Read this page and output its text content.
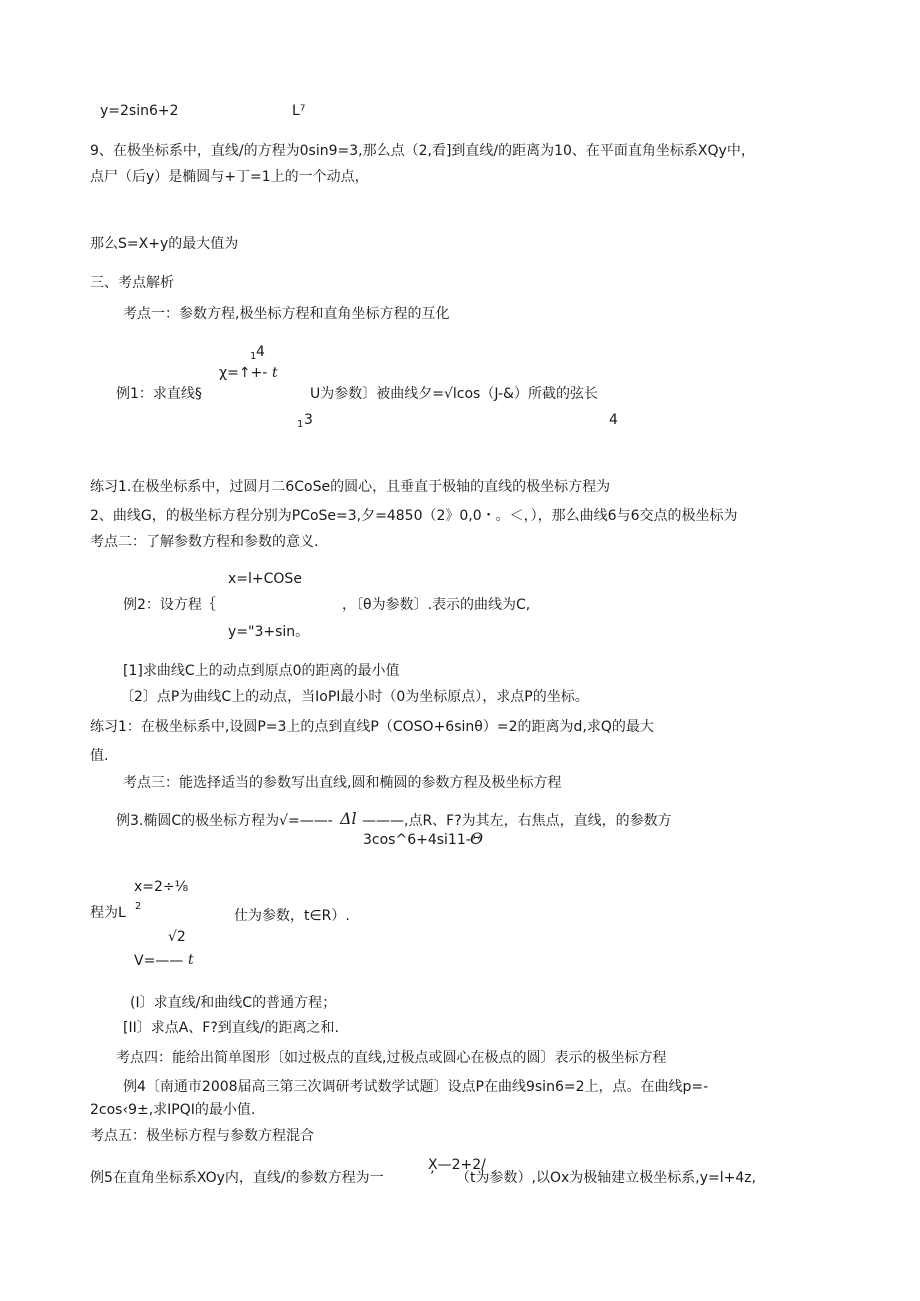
y=2sin6+2	L⁷
9、在极坐标系中，直线/的方程为0sin9=3,那么点（2,看]到直线/的距离为10、在平面直角坐标系XQy中，
点尸（后y）是椭圆与+丁=1上的一个动点，
那么S=X+y的最大值为
三、考点解析
考点一：参数方程,极坐标方程和直角坐标方程的互化
1 4
χ=↑+- t
例1：求直线§	U为参数〕被曲线夕=√lcos（J-&）所截的弦长
1 3	4
练习1.在极坐标系中，过圆月二6CoSe的圆心，且垂直于极轴的直线的极坐标方程为
2、曲线G，的极坐标方程分别为PCoSe=3,夕=4850（2》0,0・。＜，），那么曲线6与6交点的极坐标为
考点二：了解参数方程和参数的意义.
x=l+COSe
例2：设方程｛	，〔θ为参数〕.表示的曲线为C,
y="3+sin。
[1]求曲线C上的动点到原点0的距离的最小值
〔2〕点P为曲线C上的动点，当IoPI最小时（0为坐标原点），求点P的坐标。
练习1：在极坐标系中,设圆P=3上的点到直线P（COSO+6sinθ）=2的距离为d,求Q的最大
值.
考点三：能选择适当的参数写出直线,圆和椭圆的参数方程及极坐标方程
例3.椭圆C的极坐标方程为√=——- Δl ———,点R、F?为其左，右焦点，直线，的参数方
3cos^6+4si11- Θ
x=2÷⅛
程为L 2
仕为参数，t∈R）.
√2
V=—— t
(I〕求直线/和曲线C的普通方程；
[II〕求点A、F?到直线/的距离之和.
考点四：能给出简单图形〔如过极点的直线,过极点或圆心在极点的圆〕表示的极坐标方程
例4〔南通市2008届高三第三次调研考试数学试题〕设点P在曲线9sin6=2上，点。在曲线p=-
2cos‹9±,求IPQI的最小值.
考点五：极坐标方程与参数方程混合
X—2+2/
例5在直角坐标系XOy内，直线/的参数方程为一	’ （t为参数）,以Ox为极轴建立极坐标系,y=l+4z,
